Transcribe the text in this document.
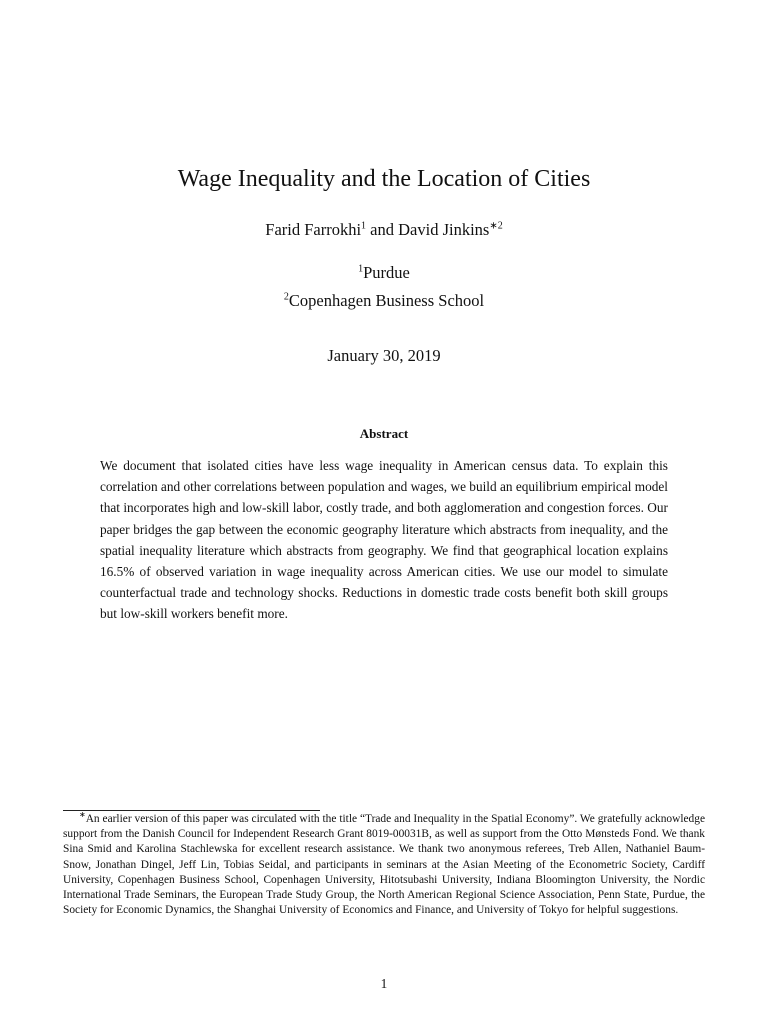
Wage Inequality and the Location of Cities
Farid Farrokhi$^1$ and David Jinkins$^{∗2}$
$^1$Purdue
$^2$Copenhagen Business School
January 30, 2019
Abstract
We document that isolated cities have less wage inequality in American census data. To explain this correlation and other correlations between population and wages, we build an equilibrium empirical model that incorporates high and low-skill labor, costly trade, and both agglomeration and congestion forces. Our paper bridges the gap between the economic geography literature which abstracts from inequality, and the spatial inequality literature which abstracts from geography. We find that geographical location explains 16.5% of observed variation in wage inequality across American cities. We use our model to simulate counterfactual trade and technology shocks. Reductions in domestic trade costs benefit both skill groups but low-skill workers benefit more.
∗An earlier version of this paper was circulated with the title “Trade and Inequality in the Spatial Economy”. We gratefully acknowledge support from the Danish Council for Independent Research Grant 8019-00031B, as well as support from the Otto Mønsteds Fond. We thank Sina Smid and Karolina Stachlewska for excellent research assistance. We thank two anonymous referees, Treb Allen, Nathaniel Baum-Snow, Jonathan Dingel, Jeff Lin, Tobias Seidal, and participants in seminars at the Asian Meeting of the Econometric Society, Cardiff University, Copenhagen Business School, Copenhagen University, Hitotsubashi University, Indiana Bloomington University, the Nordic International Trade Seminars, the European Trade Study Group, the North American Regional Science Association, Penn State, Purdue, the Society for Economic Dynamics, the Shanghai University of Economics and Finance, and University of Tokyo for helpful suggestions.
1
